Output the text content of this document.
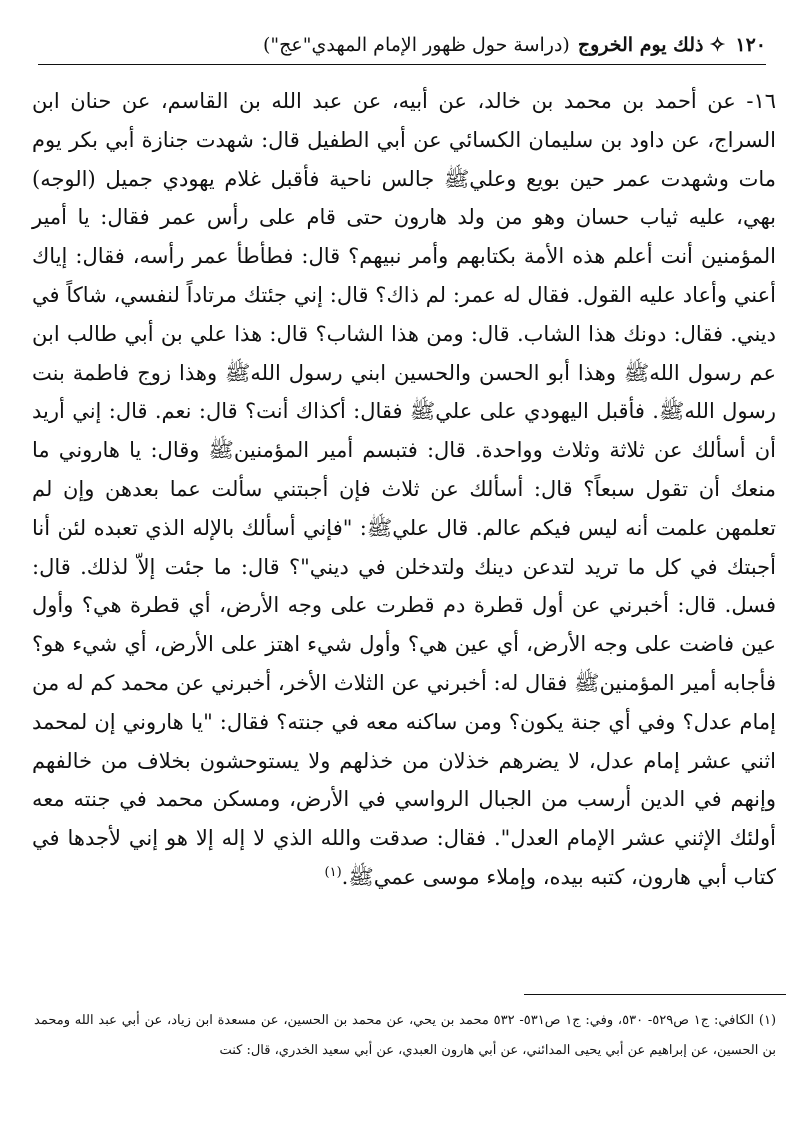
١٢٠
✧
ذلك يوم الخروج
(دراسة حول ظهور الإمام المهدي"عج")

١٦- عن أحمد بن محمد بن خالد، عن أبيه، عن عبد الله بن القاسم، عن حنان ابن السراج، عن داود بن سليمان الكسائي عن أبي الطفيل قال: شهدت جنازة أبي بكر يوم مات وشهدت عمر حين بويع وعليﷺ جالس ناحية فأقبل غلام يهودي جميل (الوجه) بهي، عليه ثياب حسان وهو من ولد هارون حتى قام على رأس عمر فقال: يا أمير المؤمنين أنت أعلم هذه الأمة بكتابهم وأمر نبيهم؟ قال: فطأطأ عمر رأسه، فقال: إياك أعني وأعاد عليه القول. فقال له عمر: لم ذاك؟ قال: إني جئتك مرتاداً لنفسي، شاكاً في ديني. فقال: دونك هذا الشاب. قال: ومن هذا الشاب؟ قال: هذا علي بن أبي طالب ابن عم رسول اللهﷺ وهذا أبو الحسن والحسين ابني رسول اللهﷺ وهذا زوج فاطمة بنت رسول اللهﷺ. فأقبل اليهودي على عليﷺ فقال: أكذاك أنت؟ قال: نعم. قال: إني أريد أن أسألك عن ثلاثة وثلاث وواحدة. قال: فتبسم أمير المؤمنينﷺ وقال: يا هاروني ما منعك أن تقول سبعاً؟ قال: أسألك عن ثلاث فإن أجبتني سألت عما بعدهن وإن لم تعلمهن علمت أنه ليس فيكم عالم. قال عليﷺ: "فإني أسألك بالإله الذي تعبده لئن أنا أجبتك في كل ما تريد لتدعن دينك ولتدخلن في ديني"؟ قال: ما جئت إلاّ لذلك. قال: فسل. قال: أخبرني عن أول قطرة دم قطرت على وجه الأرض، أي قطرة هي؟ وأول عين فاضت على وجه الأرض، أي عين هي؟ وأول شيء اهتز على الأرض، أي شيء هو؟ فأجابه أمير المؤمنينﷺ فقال له: أخبرني عن الثلاث الأخر، أخبرني عن محمد كم له من إمام عدل؟ وفي أي جنة يكون؟ ومن ساكنه معه في جنته؟ فقال: "يا هاروني إن لمحمد اثني عشر إمام عدل، لا يضرهم خذلان من خذلهم ولا يستوحشون بخلاف من خالفهم وإنهم في الدين أرسب من الجبال الرواسي في الأرض، ومسكن محمد في جنته معه أولئك الإثني عشر الإمام العدل". فقال: صدقت والله الذي لا إله إلا هو إني لأجدها في كتاب أبي هارون، كتبه بيده، وإملاء موسى عميﷺ.$^{(١)}$

(١) الكافي: ج١ ص٥٢٩- ٥٣٠، وفي: ج١ ص٥٣١- ٥٣٢ محمد بن يحي، عن محمد بن الحسين، عن مسعدة ابن زياد، عن أبي عبد الله ومحمد بن الحسين، عن إبراهيم عن أبي يحيى المدائني، عن أبي هارون العبدي، عن أبي سعيد الخدري، قال: كنت
